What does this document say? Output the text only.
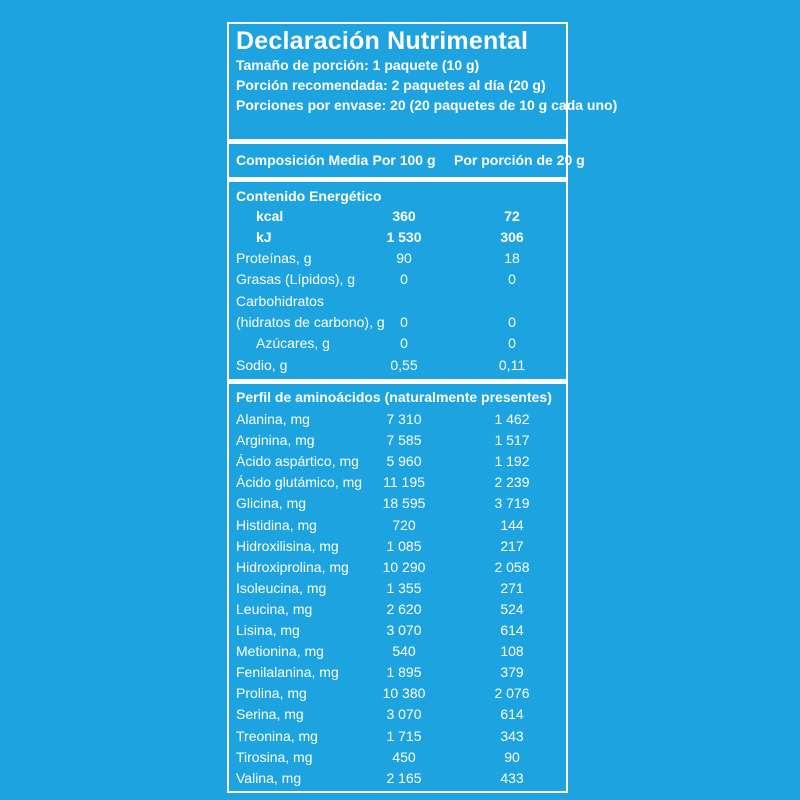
Declaración Nutrimental
Tamaño de porción: 1 paquete (10 g)
Porción recomendada: 2 paquetes al día (20 g)
Porciones por envase: 20 (20 paquetes de 10 g cada uno)
Composición Media Por 100 g	Por porción de 20 g
Contenido Energético
kcal	360	72
kJ	1 530	306
Proteínas, g	90	18
Grasas (Lípidos), g	0	0
Carbohidratos
(hidratos de carbono), g	0	0
Azúcares, g	0	0
Sodio, g	0,55	0,11
Perfil de aminoácidos (naturalmente presentes)
Alanina, mg	7 310	1 462
Arginina, mg	7 585	1 517
Ácido aspártico, mg	5 960	1 192
Ácido glutámico, mg	11 195	2 239
Glicina, mg	18 595	3 719
Histidina, mg	720	144
Hidroxilisina, mg	1 085	217
Hidroxiprolina, mg	10 290	2 058
Isoleucina, mg	1 355	271
Leucina, mg	2 620	524
Lisina, mg	3 070	614
Metionina, mg	540	108
Fenilalanina, mg	1 895	379
Prolina, mg	10 380	2 076
Serina, mg	3 070	614
Treonina, mg	1 715	343
Tirosina, mg	450	90
Valina, mg	2 165	433
